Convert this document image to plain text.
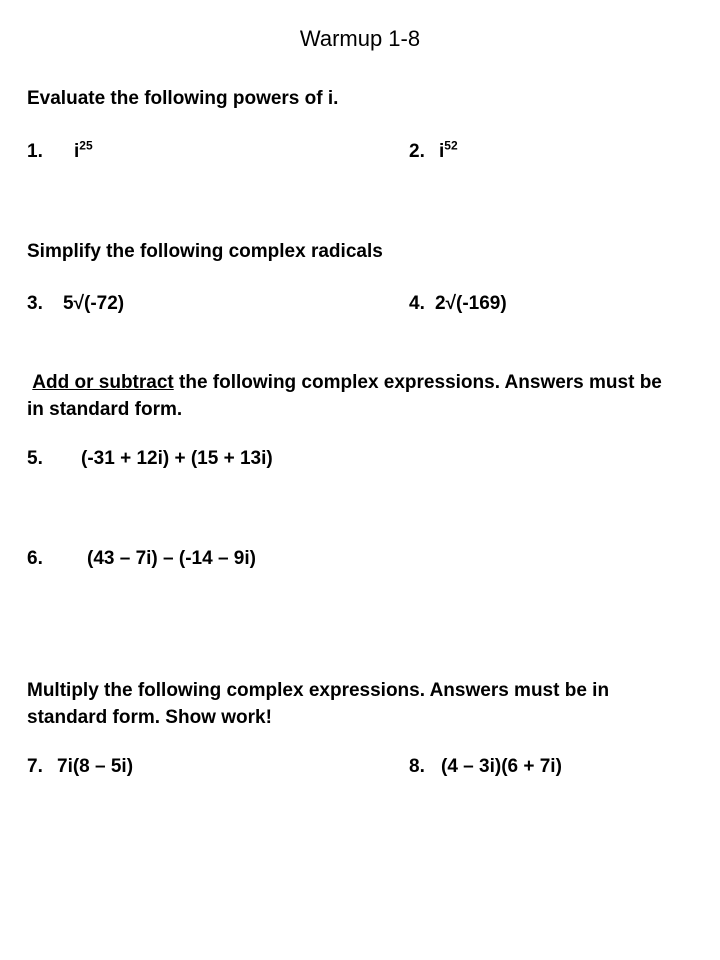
Warmup 1-8
Evaluate the following powers of i.
1. $i^{25}$	2. $i^{52}$
Simplify the following complex radicals
3. 5√(-72)	4. 2√(-169)
Add or subtract the following complex expressions. Answers must be in standard form.
5. (-31 + 12i) + (15 + 13i)
6. (43 – 7i) – (-14 – 9i)
Multiply the following complex expressions. Answers must be in standard form. Show work!
7. 7i(8 – 5i)	8. (4 – 3i)(6 + 7i)
